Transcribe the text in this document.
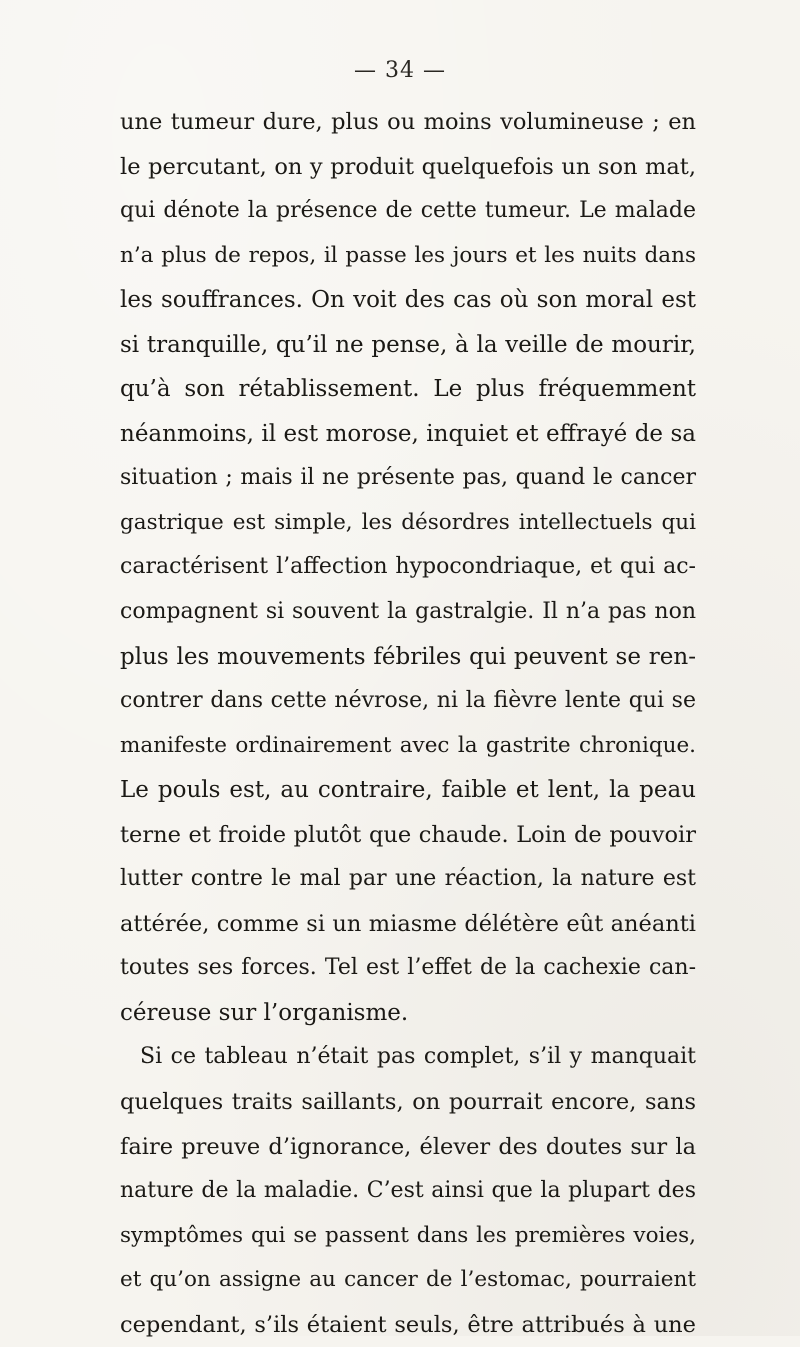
— 34 —
une tumeur dure, plus ou moins volumineuse ; en
le percutant, on y produit quelquefois un son mat,
qui dénote la présence de cette tumeur. Le malade
n’a plus de repos, il passe les jours et les nuits dans
les souffrances. On voit des cas où son moral est
si tranquille, qu’il ne pense, à la veille de mourir,
qu’à son rétablissement. Le plus fréquemment
néanmoins, il est morose, inquiet et effrayé de sa
situation ; mais il ne présente pas, quand le cancer
gastrique est simple, les désordres intellectuels qui
caractérisent l’affection hypocondriaque, et qui ac-
compagnent si souvent la gastralgie. Il n’a pas non
plus les mouvements fébriles qui peuvent se ren-
contrer dans cette névrose, ni la fièvre lente qui se
manifeste ordinairement avec la gastrite chronique.
Le pouls est, au contraire, faible et lent, la peau
terne et froide plutôt que chaude. Loin de pouvoir
lutter contre le mal par une réaction, la nature est
attérée, comme si un miasme délétère eût anéanti
toutes ses forces. Tel est l’effet de la cachexie can-
céreuse sur l’organisme.
Si ce tableau n’était pas complet, s’il y manquait
quelques traits saillants, on pourrait encore, sans
faire preuve d’ignorance, élever des doutes sur la
nature de la maladie. C’est ainsi que la plupart des
symptômes qui se passent dans les premières voies,
et qu’on assigne au cancer de l’estomac, pourraient
cependant, s’ils étaient seuls, être attribués à une
